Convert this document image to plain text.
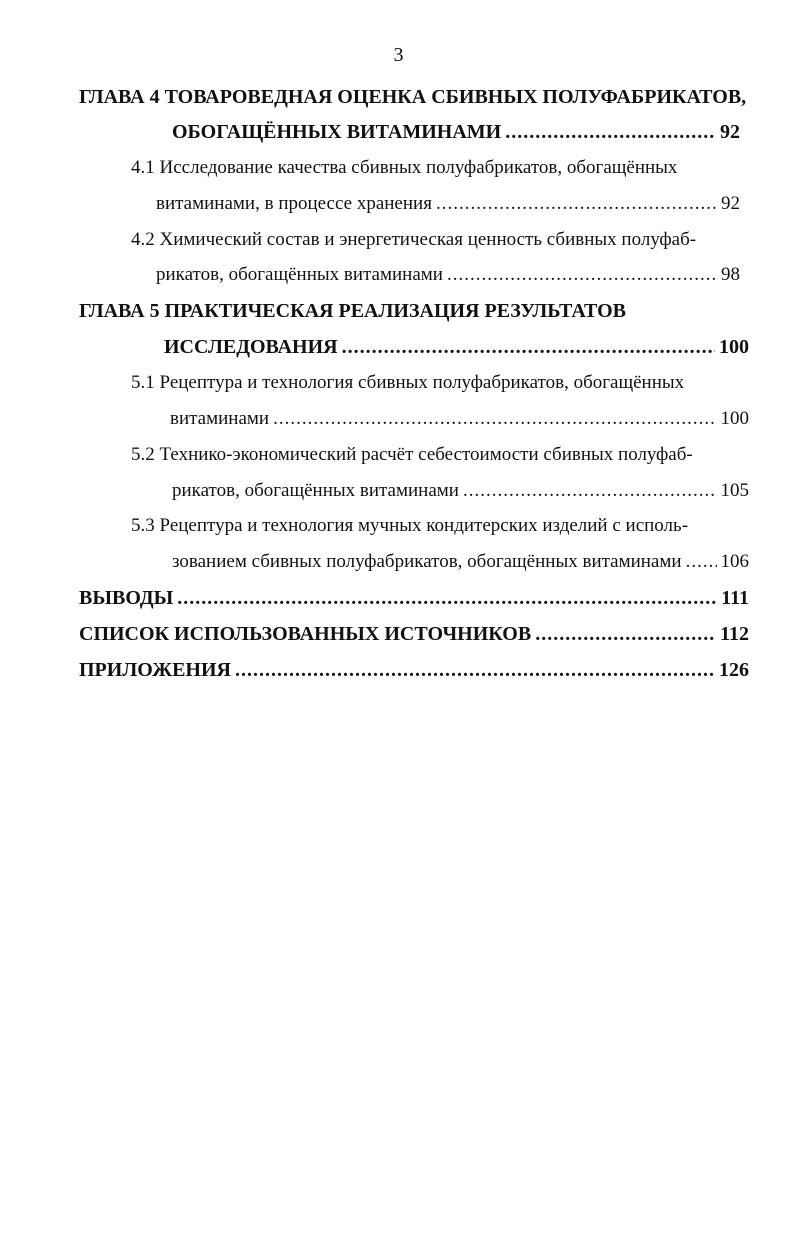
3
ГЛАВА 4 ТОВАРОВЕДНАЯ ОЦЕНКА СБИВНЫХ ПОЛУФАБРИКАТОВ,
ОБОГАЩЁННЫХ ВИТАМИНАМИ .....	92
4.1 Исследование качества сбивных полуфабрикатов, обогащённых
витаминами, в процессе хранения .....	92
4.2 Химический состав и энергетическая ценность сбивных полуфаб-
рикатов, обогащённых витаминами .....	98
ГЛАВА 5 ПРАКТИЧЕСКАЯ РЕАЛИЗАЦИЯ РЕЗУЛЬТАТОВ
ИССЛЕДОВАНИЯ .....	100
5.1 Рецептура и технология сбивных полуфабрикатов, обогащённых
витаминами .....	100
5.2 Технико-экономический расчёт себестоимости сбивных полуфаб-
рикатов, обогащённых витаминами .....	105
5.3 Рецептура и технология мучных кондитерских изделий с исполь-
зованием сбивных полуфабрикатов, обогащённых витаминами ..... 106
ВЫВОДЫ .....	111
СПИСОК ИСПОЛЬЗОВАННЫХ ИСТОЧНИКОВ .....	112
ПРИЛОЖЕНИЯ .....	126
